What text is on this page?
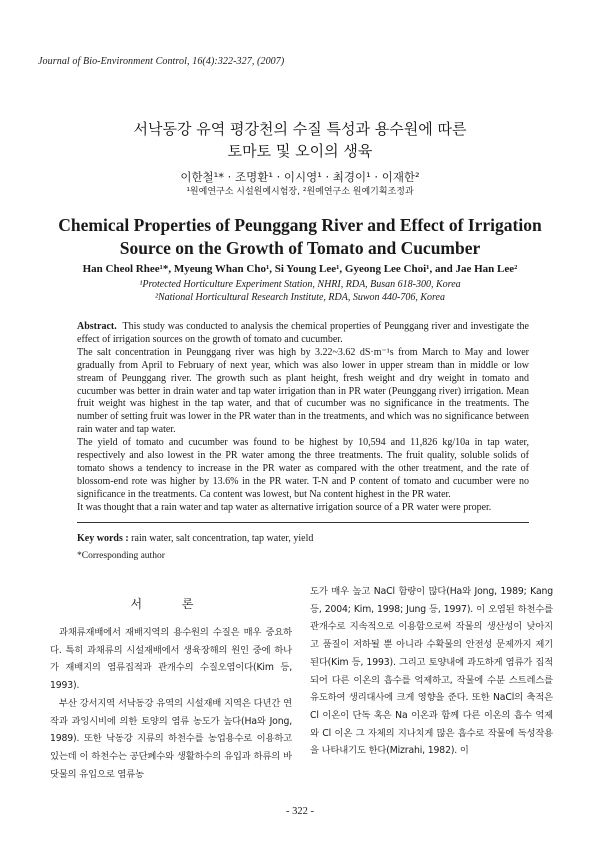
Journal of Bio-Environment Control, 16(4):322-327, (2007)
서낙동강 유역 평강천의 수질 특성과 용수원에 따른
토마토 및 오이의 생육
이한철¹* · 조명환¹ · 이시영¹ · 최경이¹ · 이재한²
¹원예연구소 시설원예시험장, ²원예연구소 원예기획조정과
Chemical Properties of Peunggang River and Effect of Irrigation
Source on the Growth of Tomato and Cucumber
Han Cheol Rhee¹*, Myeung Whan Cho¹, Si Young Lee¹, Gyeong Lee Choi¹, and Jae Han Lee²
¹Protected Horticulture Experiment Station, NHRI, RDA, Busan 618-300, Korea
²National Horticultural Research Institute, RDA, Suwon 440-706, Korea

Abstract. This study was conducted to analysis the chemical properties of Peunggang river and investigate the effect of irrigation sources on the growth of tomato and cucumber.

The salt concentration in Peunggang river was high by 3.22~3.62 dS·m⁻¹s from March to May and lower gradually from April to February of next year, which was also lower in upper stream than in middle or low stream of Peunggang river. The growth such as plant height, fresh weight and dry weight in tomato and cucumber was better in drain water and tap water irrigation than in PR water (Peunggang river) irrigation. Mean fruit weight was highest in the tap water, and that of cucumber was no significance in the treatments. The number of setting fruit was lower in the PR water than in the treatments, and which was no significance between rain water and tap water.

The yield of tomato and cucumber was found to be highest by 10,594 and 11,826 kg/10a in tap water, respectively and also lowest in the PR water among the three treatments. The fruit quality, soluble solids of tomato shows a tendency to increase in the PR water as compared with the other treatment, and the rate of blossom-end rote was higher by 13.6% in the PR water. T-N and P content of tomato and cucumber were no significance in the treatments. Ca content was lowest, but Na content highest in the PR water.

It was thought that a rain water and tap water as alternative irrigation source of a PR water were proper.

Key words : rain water, salt concentration, tap water, yield
*Corresponding author
서 론

과채류재배에서 재배지역의 용수원의 수질은 매우 중요하다. 특히 과채류의 시설재배에서 생육장해의 원인 중에 하나가 재배지의 염류집적과 관개수의 수질오염이다(Kim 등, 1993).

부산 강서지역 서낙동강 유역의 시설재배 지역은 다년간 연작과 과잉시비에 의한 토양의 염류 농도가 높다(Ha와 Jong, 1989). 또한 낙동강 지류의 하천수를 농업용수로 이용하고 있는데 이 하천수는 공단폐수와 생활하수의 유입과 하류의 바닷물의 유입으로 염류농

도가 매우 높고 NaCl 함량이 많다(Ha와 Jong, 1989; Kang 등, 2004; Kim, 1998; Jung 등, 1997). 이 오염된 하천수를 관개수로 지속적으로 이용함으로써 작물의 생산성이 낮아지고 품질이 저하될 뿐 아니라 수확물의 안전성 문제까지 제기된다(Kim 등, 1993). 그리고 토양내에 과도하게 염류가 집적되어 다른 이온의 흡수를 억제하고, 작물에 수분 스트레스를 유도하여 생리대사에 크게 영향을 준다. 또한 NaCl의 축적은 Cl 이온이 단독 혹은 Na 이온과 함께 다른 이온의 흡수 억제와 Cl 이온 그 자체의 지나치게 많은 흡수로 작물에 독성작용을 나타내기도 한다(Mizrahi, 1982). 이

- 322 -
